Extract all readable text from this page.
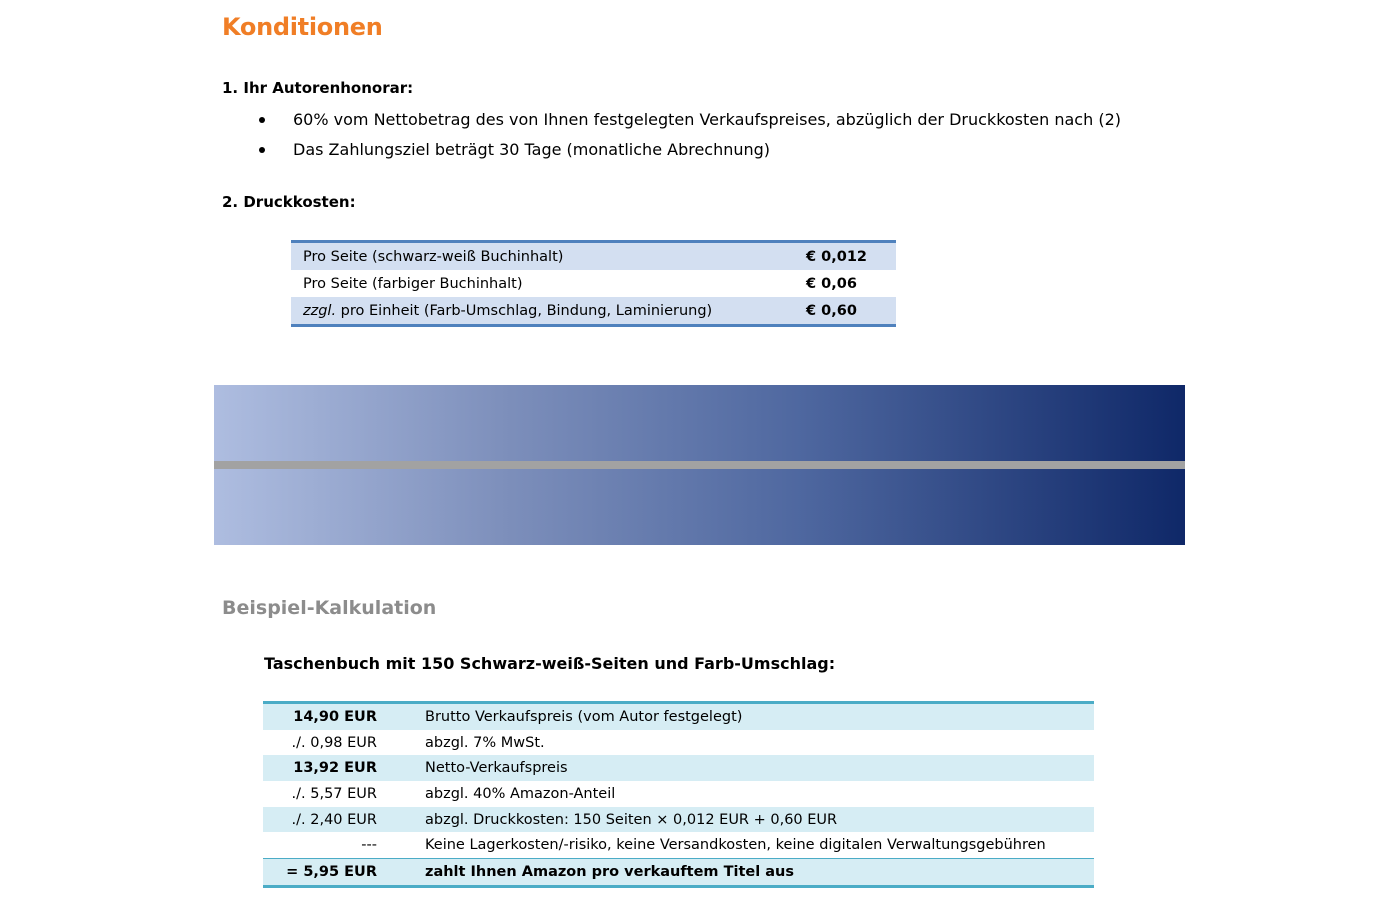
Konditionen
1. Ihr Autorenhonorar:
60% vom Nettobetrag des von Ihnen festgelegten Verkaufspreises, abzüglich der Druckkosten nach (2)
Das Zahlungsziel beträgt 30 Tage (monatliche Abrechnung)
2. Druckkosten:
Pro Seite (schwarz-weiß Buchinhalt)	€ 0,012
Pro Seite (farbiger Buchinhalt)	€ 0,06
zzgl. pro Einheit (Farb-Umschlag, Bindung, Laminierung)	€ 0,60
Beispiel-Kalkulation
Taschenbuch mit 150 Schwarz-weiß-Seiten und Farb-Umschlag:
14,90 EUR	Brutto Verkaufspreis (vom Autor festgelegt)
./. 0,98 EUR	abzgl. 7% MwSt.
13,92 EUR	Netto-Verkaufspreis
./. 5,57 EUR	abzgl. 40% Amazon-Anteil
./. 2,40 EUR	abzgl. Druckkosten: 150 Seiten × 0,012 EUR + 0,60 EUR
---	Keine Lagerkosten/-risiko, keine Versandkosten, keine digitalen Verwaltungsgebühren
= 5,95 EUR	zahlt Ihnen Amazon pro verkauftem Titel aus
